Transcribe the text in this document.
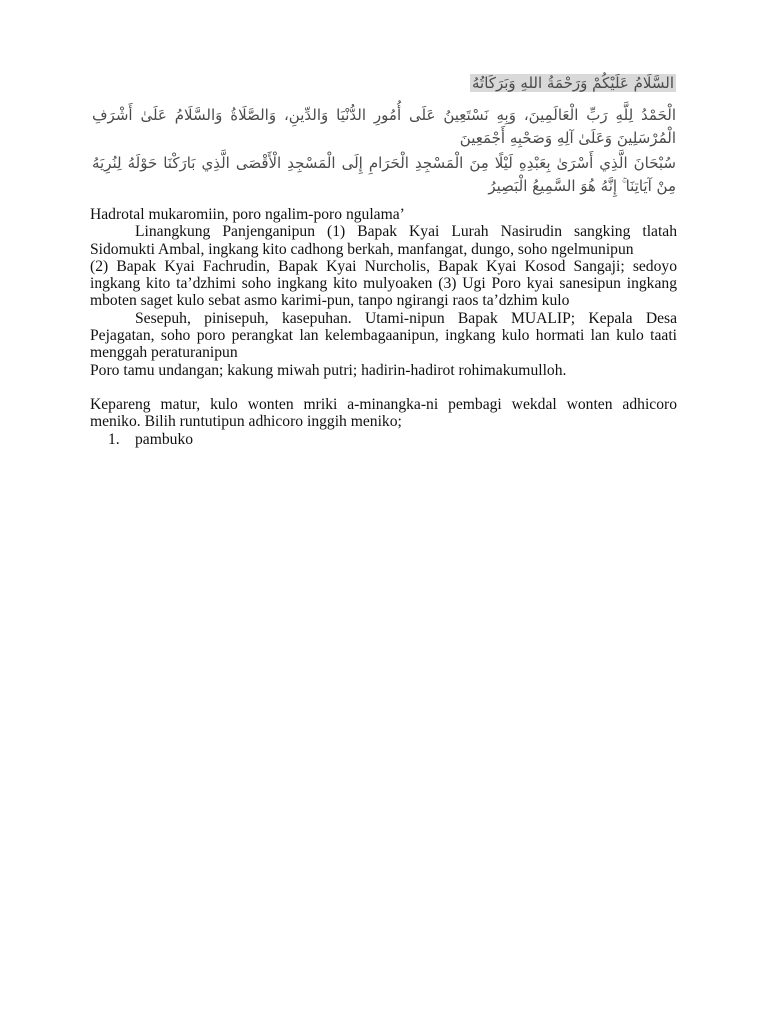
السَّلَامُ عَلَيْكُمْ وَرَحْمَةُ اللهِ وَبَرَكَاتُهُ
الْحَمْدُ لِلَّهِ رَبِّ الْعَالَمِينَ، وَبِهِ نَسْتَعِينُ عَلَى أُمُورِ الدُّنْيَا وَالدِّينِ، وَالصَّلَاةُ وَالسَّلَامُ عَلَىٰ أَشْرَفِ الْمُرْسَلِينَ وَعَلَىٰ آلِهِ وَصَحْبِهِ أَجْمَعِينَ
سُبْحَانَ الَّذِي أَسْرَىٰ بِعَبْدِهِ لَيْلًا مِنَ الْمَسْجِدِ الْحَرَامِ إِلَى الْمَسْجِدِ الْأَقْصَى الَّذِي بَارَكْنَا حَوْلَهُ لِنُرِيَهُ مِنْ آيَاتِنَا ۚ إِنَّهُ هُوَ السَّمِيعُ الْبَصِيرُ

Hadrotal mukaromiin, poro ngalim-poro ngulama’

Linangkung Panjenganipun (1) Bapak Kyai Lurah Nasirudin sangking tlatah Sidomukti Ambal, ingkang kito cadhong berkah, manfangat, dungo, soho ngelmunipun

(2) Bapak Kyai Fachrudin, Bapak Kyai Nurcholis, Bapak Kyai Kosod Sangaji; sedoyo ingkang kito ta’dzhimi soho ingkang kito mulyoaken (3) Ugi Poro kyai sanesipun ingkang mboten saget kulo sebat asmo karimi-pun, tanpo ngirangi raos ta’dzhim kulo

Sesepuh, pinisepuh, kasepuhan. Utami-nipun Bapak MUALIP; Kepala Desa Pejagatan, soho poro perangkat lan kelembagaanipun, ingkang kulo hormati lan kulo taati menggah peraturanipun

Poro tamu undangan; kakung miwah putri; hadirin-hadirot rohimakumulloh.

Kepareng matur, kulo wonten mriki a-minangka-ni pembagi wekdal wonten adhicoro meniko. Bilih runtutipun adhicoro inggih meniko;

1. pambuko
